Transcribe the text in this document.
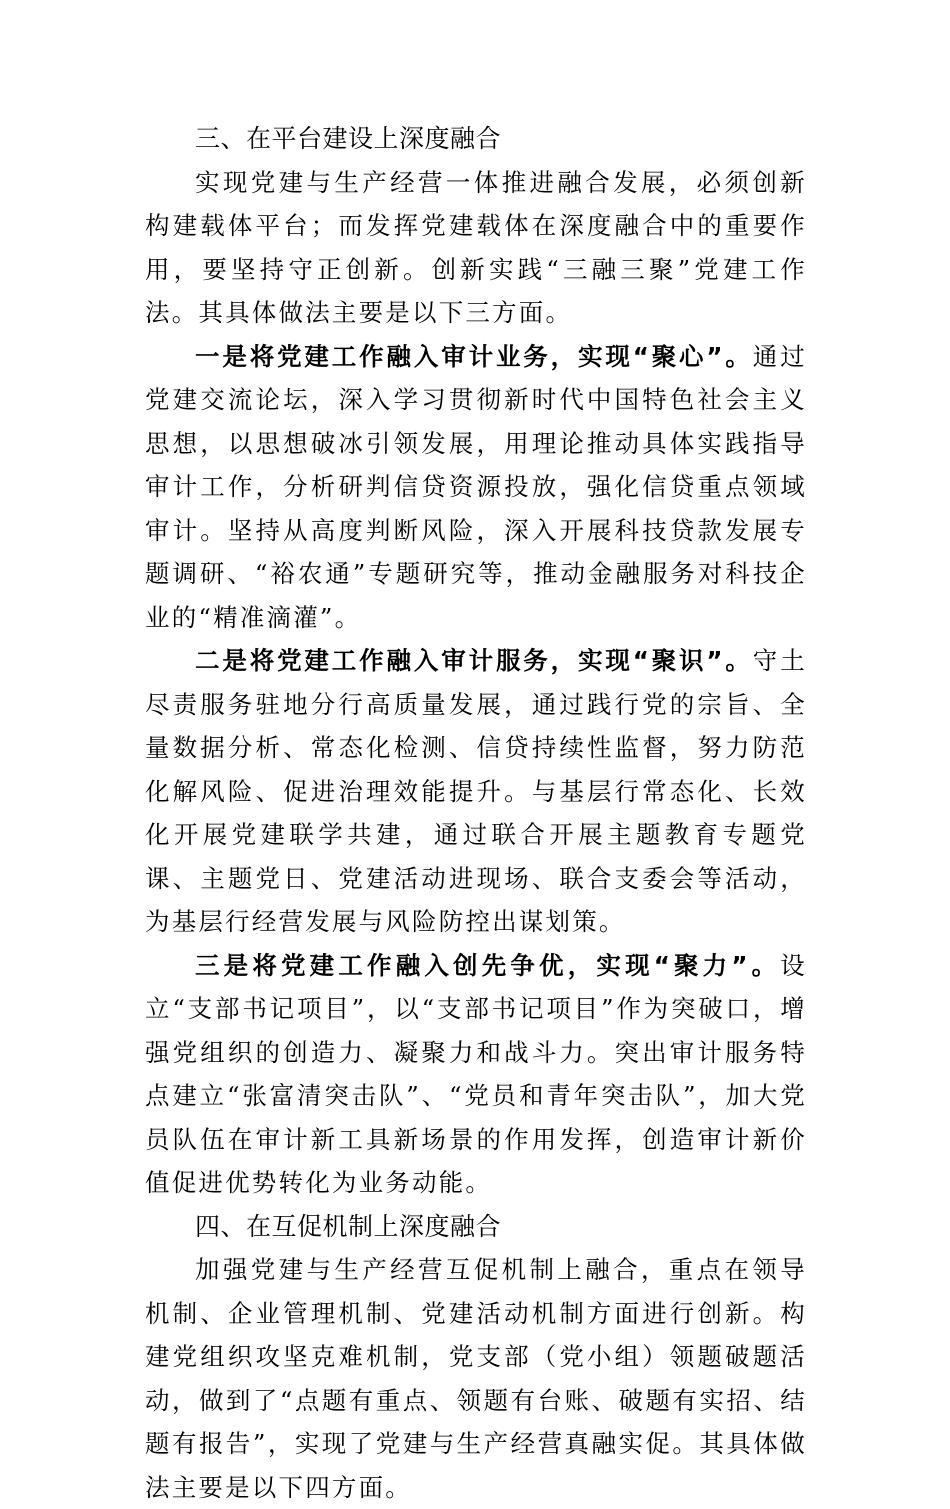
三、在平台建设上深度融合

实现党建与生产经营一体推进融合发展，必须创新构建载体平台；而发挥党建载体在深度融合中的重要作用，要坚持守正创新。创新实践“三融三聚”党建工作法。其具体做法主要是以下三方面。

一是将党建工作融入审计业务，实现“聚心”。通过党建交流论坛，深入学习贯彻新时代中国特色社会主义思想，以思想破冰引领发展，用理论推动具体实践指导审计工作，分析研判信贷资源投放，强化信贷重点领域审计。坚持从高度判断风险，深入开展科技贷款发展专题调研、“裕农通”专题研究等，推动金融服务对科技企业的“精准滴灌”。

二是将党建工作融入审计服务，实现“聚识”。守土尽责服务驻地分行高质量发展，通过践行党的宗旨、全量数据分析、常态化检测、信贷持续性监督，努力防范化解风险、促进治理效能提升。与基层行常态化、长效化开展党建联学共建，通过联合开展主题教育专题党课、主题党日、党建活动进现场、联合支委会等活动，为基层行经营发展与风险防控出谋划策。

三是将党建工作融入创先争优，实现“聚力”。设立“支部书记项目”，以“支部书记项目”作为突破口，增强党组织的创造力、凝聚力和战斗力。突出审计服务特点建立“张富清突击队”、“党员和青年突击队”，加大党员队伍在审计新工具新场景的作用发挥，创造审计新价值促进优势转化为业务动能。

四、在互促机制上深度融合

加强党建与生产经营互促机制上融合，重点在领导机制、企业管理机制、党建活动机制方面进行创新。构建党组织攻坚克难机制，党支部（党小组）领题破题活动，做到了“点题有重点、领题有台账、破题有实招、结题有报告”，实现了党建与生产经营真融实促。其具体做法主要是以下四方面。
